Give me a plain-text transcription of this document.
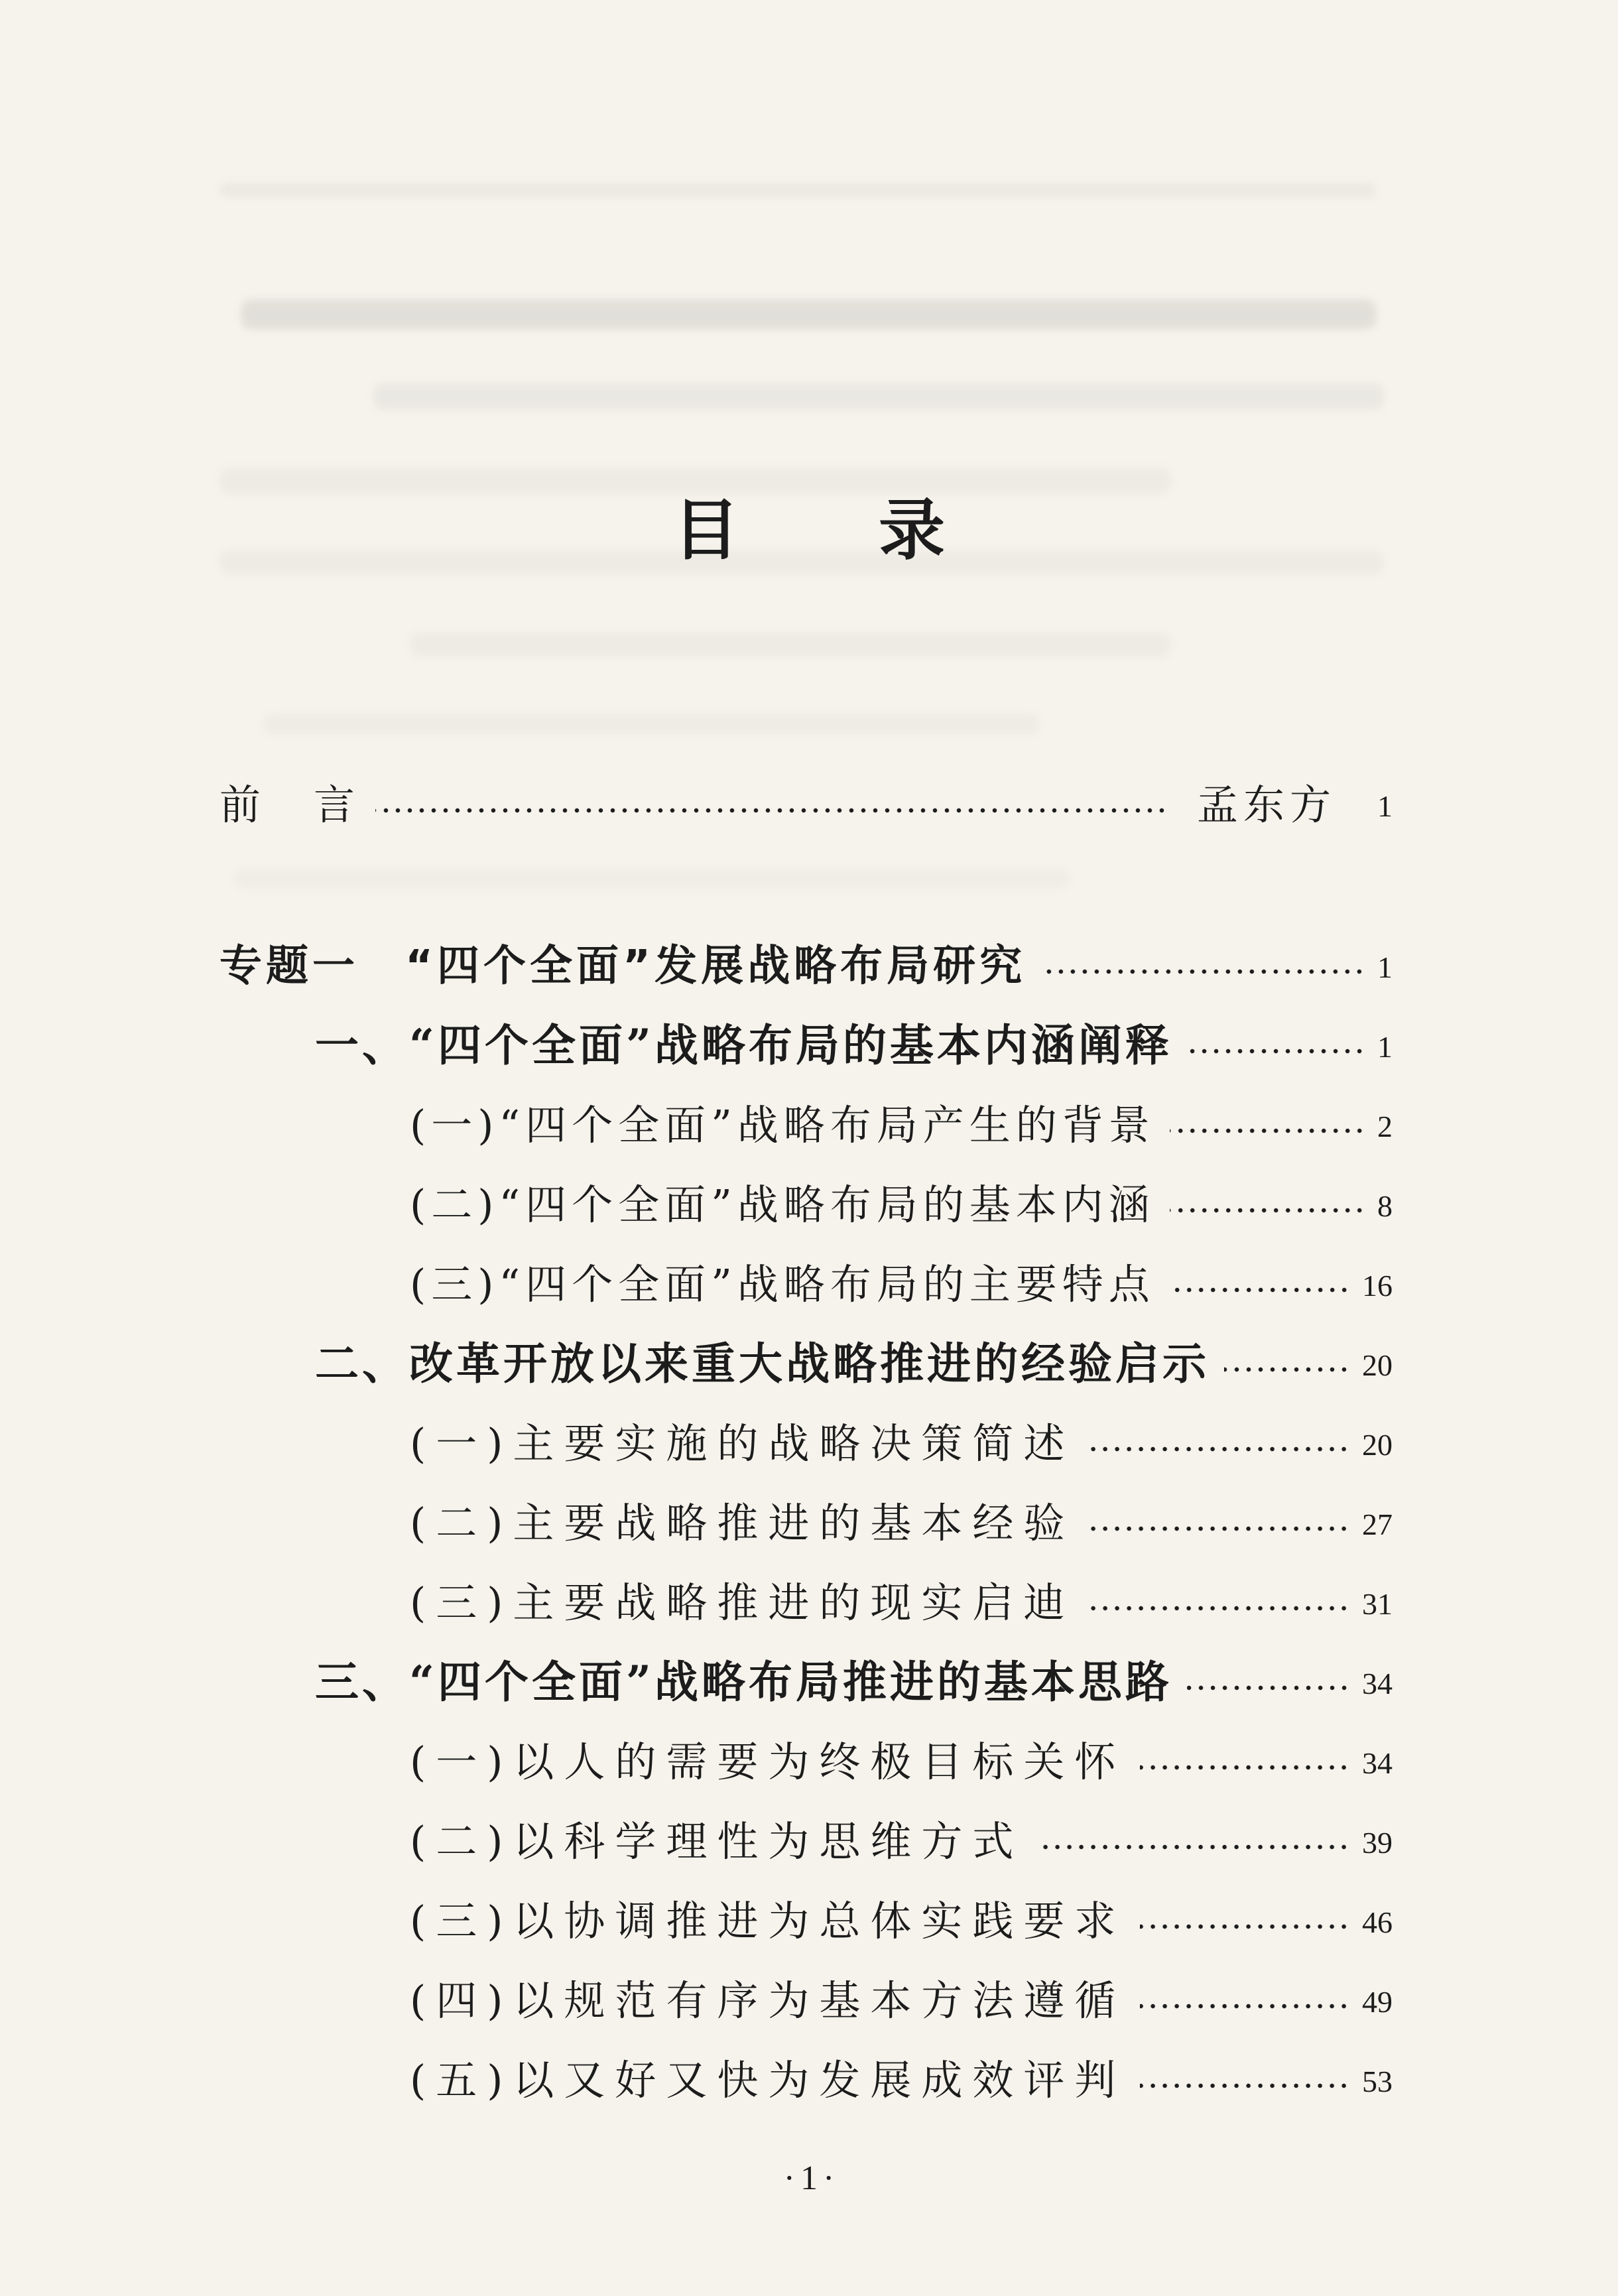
目　录
前　言	孟东方 1
专题一　“四个全面”发展战略布局研究	1
一、“四个全面”战略布局的基本内涵阐释	1
(一)“四个全面”战略布局产生的背景	2
(二)“四个全面”战略布局的基本内涵	8
(三)“四个全面”战略布局的主要特点	16
二、改革开放以来重大战略推进的经验启示	20
(一)主要实施的战略决策简述	20
(二)主要战略推进的基本经验	27
(三)主要战略推进的现实启迪	31
三、“四个全面”战略布局推进的基本思路	34
(一)以人的需要为终极目标关怀	34
(二)以科学理性为思维方式	39
(三)以协调推进为总体实践要求	46
(四)以规范有序为基本方法遵循	49
(五)以又好又快为发展成效评判	53
·1·
